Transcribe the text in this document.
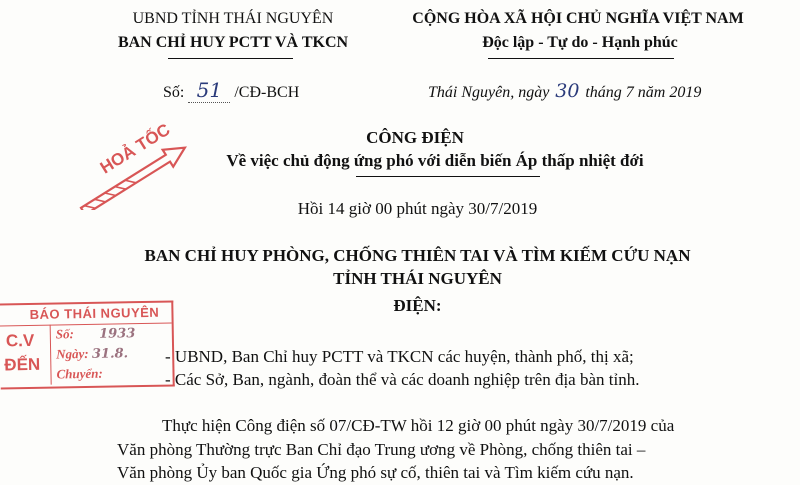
UBND TỈNH THÁI NGUYÊN
BAN CHỈ HUY PCTT VÀ TKCN
CỘNG HÒA XÃ HỘI CHỦ NGHĨA VIỆT NAM
Độc lập - Tự do - Hạnh phúc
Số: 51 /CĐ-BCH	Thái Nguyên, ngày 30 tháng 7 năm 2019
HOẢ TỐC	CÔNG ĐIỆN
Về việc chủ động ứng phó với diễn biến Áp thấp nhiệt đới
Hồi 14 giờ 00 phút ngày 30/7/2019
BAN CHỈ HUY PHÒNG, CHỐNG THIÊN TAI VÀ TÌM KIẾM CỨU NẠN
TỈNH THÁI NGUYÊN
ĐIỆN:
BÁO THÁI NGUYÊN
C.V
ĐẾN
Số: 1933
Ngày: 31.8.
Chuyển:
- UBND, Ban Chỉ huy PCTT và TKCN các huyện, thành phố, thị xã;
- Các Sở, Ban, ngành, đoàn thể và các doanh nghiệp trên địa bàn tỉnh.
Thực hiện Công điện số 07/CĐ-TW hồi 12 giờ 00 phút ngày 30/7/2019 của
Văn phòng Thường trực Ban Chỉ đạo Trung ương về Phòng, chống thiên tai –
Văn phòng Ủy ban Quốc gia Ứng phó sự cố, thiên tai và Tìm kiếm cứu nạn.
